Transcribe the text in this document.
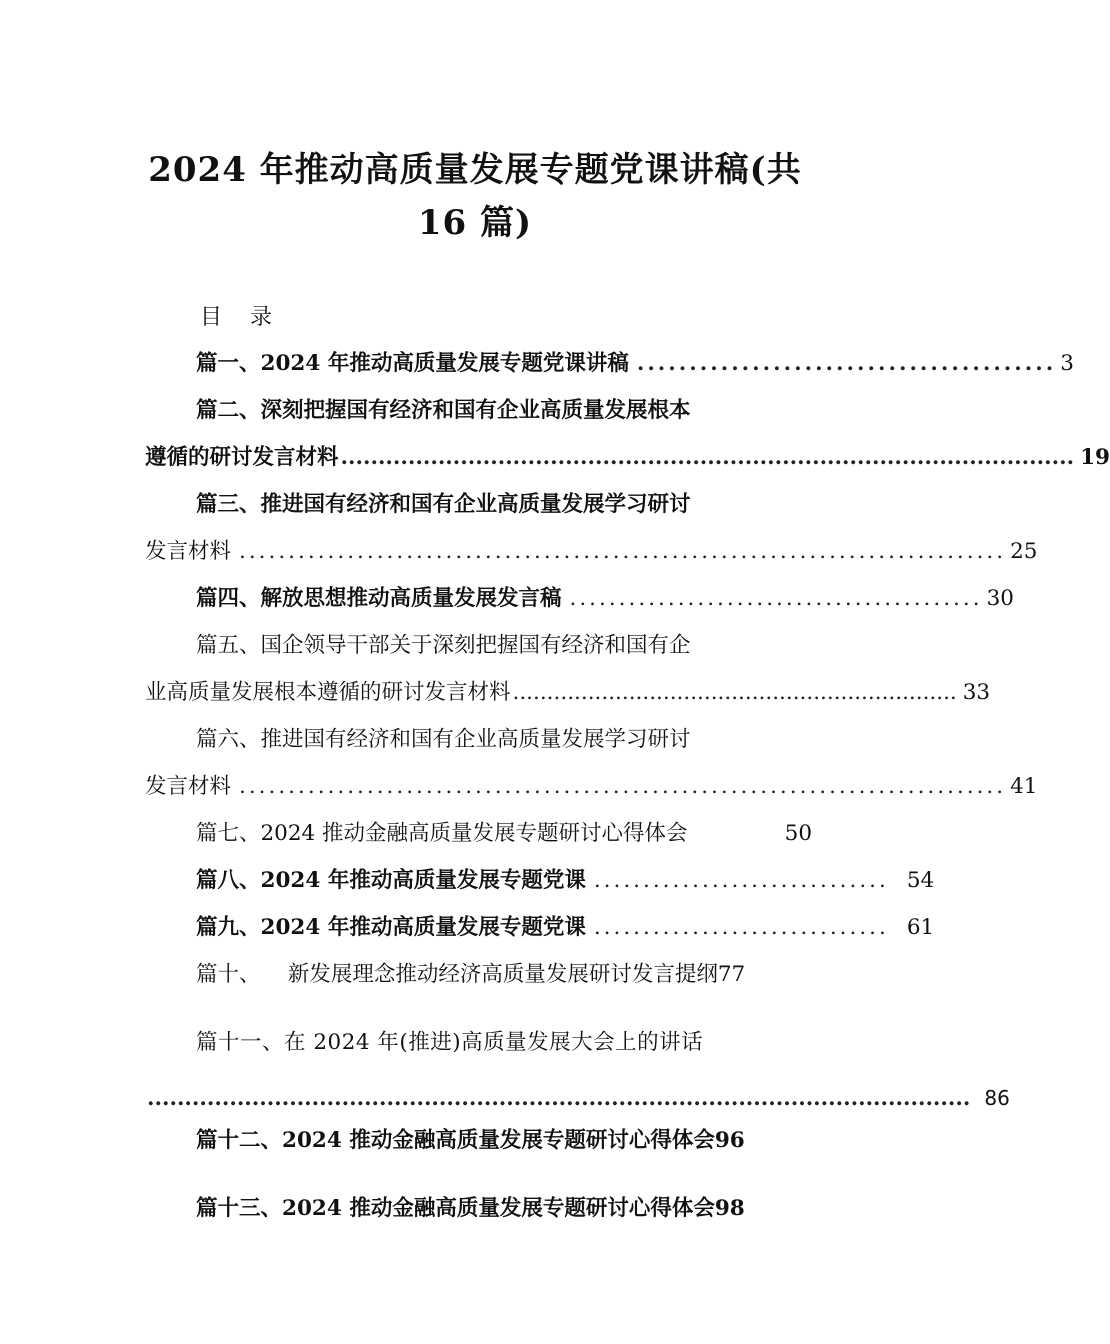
2024 年推动高质量发展专题党课讲稿(共
16 篇)
目录
篇一、2024 年推动高质量发展专题党课讲稿 ........................................ 3
篇二、深刻把握国有经济和国有企业高质量发展根本
遵循的研讨发言材料 .................................................................................................. 19
篇三、推进国有经济和国有企业高质量发展学习研讨
发言材料 .............................................................................. 25
篇四、解放思想推动高质量发展发言稿 .......................................... 30
篇五、国企领导干部关于深刻把握国有经济和国有企
业高质量发展根本遵循的研讨发言材料 ................................................................. 33
篇六、推进国有经济和国有企业高质量发展学习研讨
发言材料 .............................................................................. 41
篇七、2024 推动金融高质量发展专题研讨心得体会	50
篇八、2024 年推动高质量发展专题党课 .............................. 54
篇九、2024 年推动高质量发展专题党课 .............................. 61
篇十、    新发展理念推动经济高质量发展研讨发言提纲 77
篇十一、在 2024 年(推进)高质量发展大会上的讲话
.............................................................................................................. 86
篇十二、2024 推动金融高质量发展专题研讨心得体会 96
篇十三、2024 推动金融高质量发展专题研讨心得体会 98
